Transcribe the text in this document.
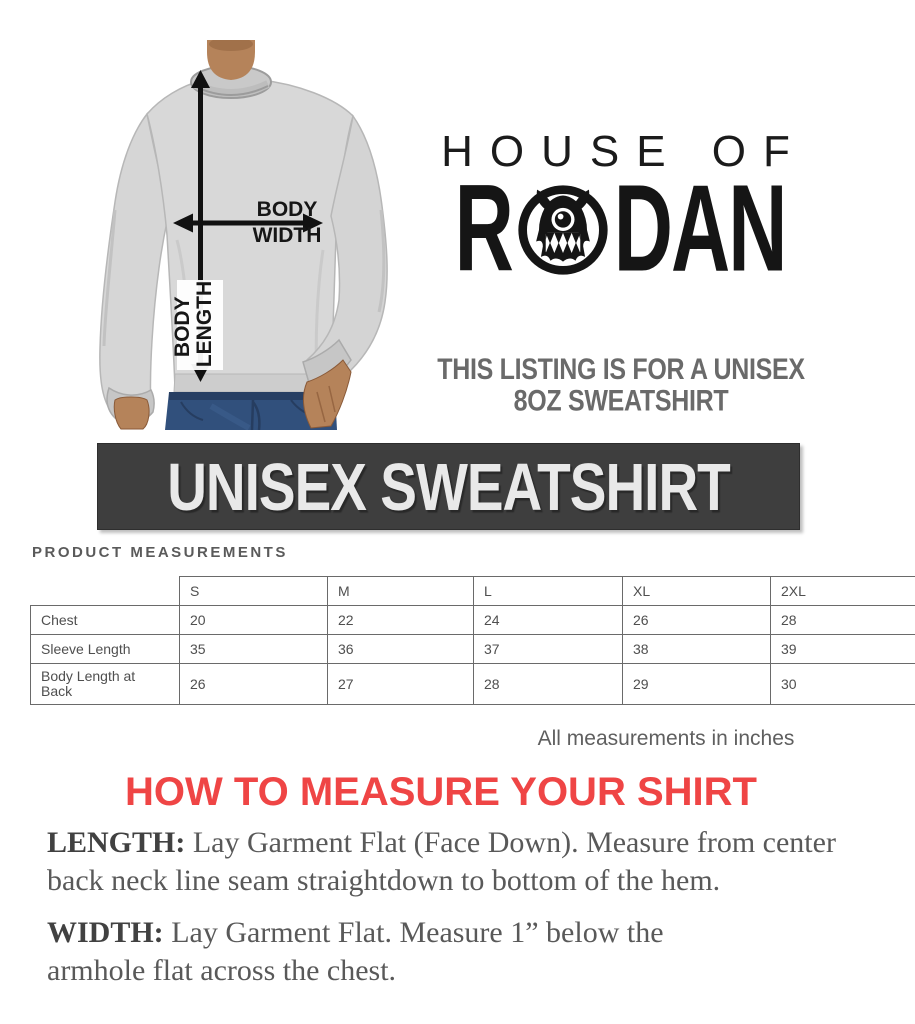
BODY
WIDTH
BODY LENGTH
HOUSE OF
R DAN
THIS LISTING IS FOR A UNISEX
8OZ SWEATSHIRT
UNISEX SWEATSHIRT
PRODUCT MEASUREMENTS
	S	M	L	XL	2XL
Chest	20	22	24	26	28
Sleeve Length	35	36	37	38	39
Body Length at Back	26	27	28	29	30
All measurements in inches
HOW TO MEASURE YOUR SHIRT
LENGTH: Lay Garment Flat (Face Down). Measure from center
back neck line seam straightdown to bottom of the hem.
WIDTH: Lay Garment Flat. Measure 1” below the
armhole flat across the chest.
